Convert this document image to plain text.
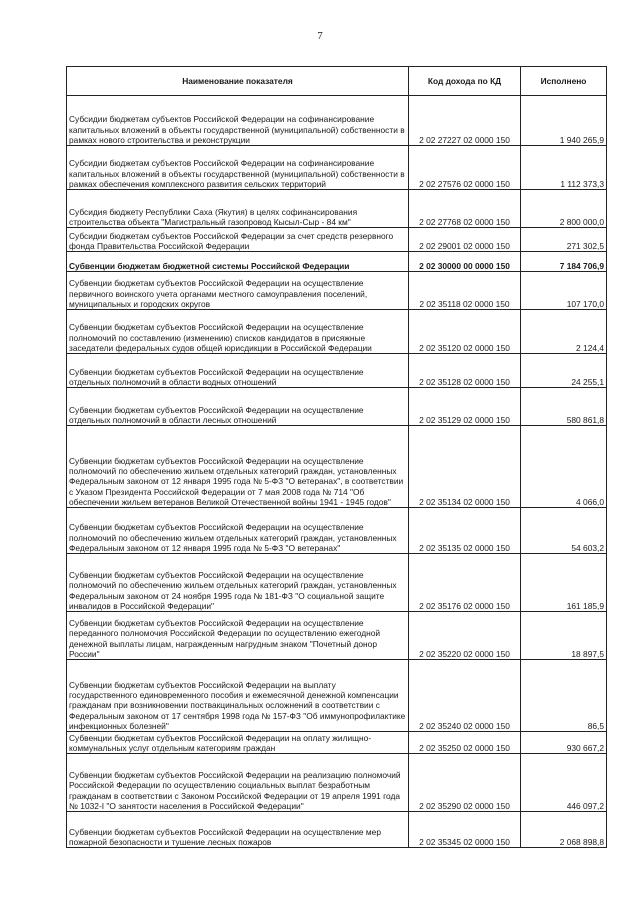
7
Наименование показателя	Код дохода по КД	Исполнено
Субсидии бюджетам субъектов Российской Федерации на софинансирование капитальных вложений в объекты государственной (муниципальной) собственности в рамках нового строительства и реконструкции	2 02 27227 02 0000 150	1 940 265,9
Субсидии бюджетам субъектов Российской Федерации на софинансирование капитальных вложений в объекты государственной (муниципальной) собственности в рамках обеспечения комплексного развития сельских территорий	2 02 27576 02 0000 150	1 112 373,3
Субсидия бюджету Республики Саха (Якутия) в целях софинансирования строительства объекта "Магистральный газопровод Кысыл-Сыр - 84 км"	2 02 27768 02 0000 150	2 800 000,0
Субсидии бюджетам субъектов Российской Федерации за счет средств резервного фонда Правительства Российской Федерации	2 02 29001 02 0000 150	271 302,5
Субвенции бюджетам бюджетной системы Российской Федерации	2 02 30000 00 0000 150	7 184 706,9
Субвенции бюджетам субъектов Российской Федерации на осуществление первичного воинского учета органами местного самоуправления поселений, муниципальных и городских округов	2 02 35118 02 0000 150	107 170,0
Субвенции бюджетам субъектов Российской Федерации на осуществление полномочий по составлению (изменению) списков кандидатов в присяжные заседатели федеральных судов общей юрисдикции в Российской Федерации	2 02 35120 02 0000 150	2 124,4
Субвенции бюджетам субъектов Российской Федерации на осуществление отдельных полномочий в области водных отношений	2 02 35128 02 0000 150	24 255,1
Субвенции бюджетам субъектов Российской Федерации на осуществление отдельных полномочий в области лесных отношений	2 02 35129 02 0000 150	580 861,8
Субвенции бюджетам субъектов Российской Федерации на осуществление полномочий по обеспечению жильем отдельных категорий граждан, установленных Федеральным законом от 12 января 1995 года № 5-ФЗ "О ветеранах", в соответствии с Указом Президента Российской Федерации от 7 мая 2008 года № 714 "Об обеспечении жильем ветеранов Великой Отечественной войны 1941 - 1945 годов"	2 02 35134 02 0000 150	4 066,0
Субвенции бюджетам субъектов Российской Федерации на осуществление полномочий по обеспечению жильем отдельных категорий граждан, установленных Федеральным законом от 12 января 1995 года № 5-ФЗ "О ветеранах"	2 02 35135 02 0000 150	54 603,2
Субвенции бюджетам субъектов Российской Федерации на осуществление полномочий по обеспечению жильем отдельных категорий граждан, установленных Федеральным законом от 24 ноября 1995 года № 181-ФЗ "О социальной защите инвалидов в Российской Федерации"	2 02 35176 02 0000 150	161 185,9
Субвенции бюджетам субъектов Российской Федерации на осуществление переданного полномочия Российской Федерации по осуществлению ежегодной денежной выплаты лицам, награжденным нагрудным знаком "Почетный донор России"	2 02 35220 02 0000 150	18 897,5
Субвенции бюджетам субъектов Российской Федерации на выплату государственного единовременного пособия и ежемесячной денежной компенсации гражданам при возникновении поствакцинальных осложнений в соответствии с Федеральным законом от 17 сентября 1998 года № 157-ФЗ "Об иммунопрофилактике инфекционных болезней"	2 02 35240 02 0000 150	86,5
Субвенции бюджетам субъектов Российской Федерации на оплату жилищно-коммунальных услуг отдельным категориям граждан	2 02 35250 02 0000 150	930 667,2
Субвенции бюджетам субъектов Российской Федерации на реализацию полномочий Российской Федерации по осуществлению социальных выплат безработным гражданам в соответствии с Законом Российской Федерации от 19 апреля 1991 года № 1032-I "О занятости населения в Российской Федерации"	2 02 35290 02 0000 150	446 097,2
Субвенции бюджетам субъектов Российской Федерации на осуществление мер пожарной безопасности и тушение лесных пожаров	2 02 35345 02 0000 150	2 068 898,8
